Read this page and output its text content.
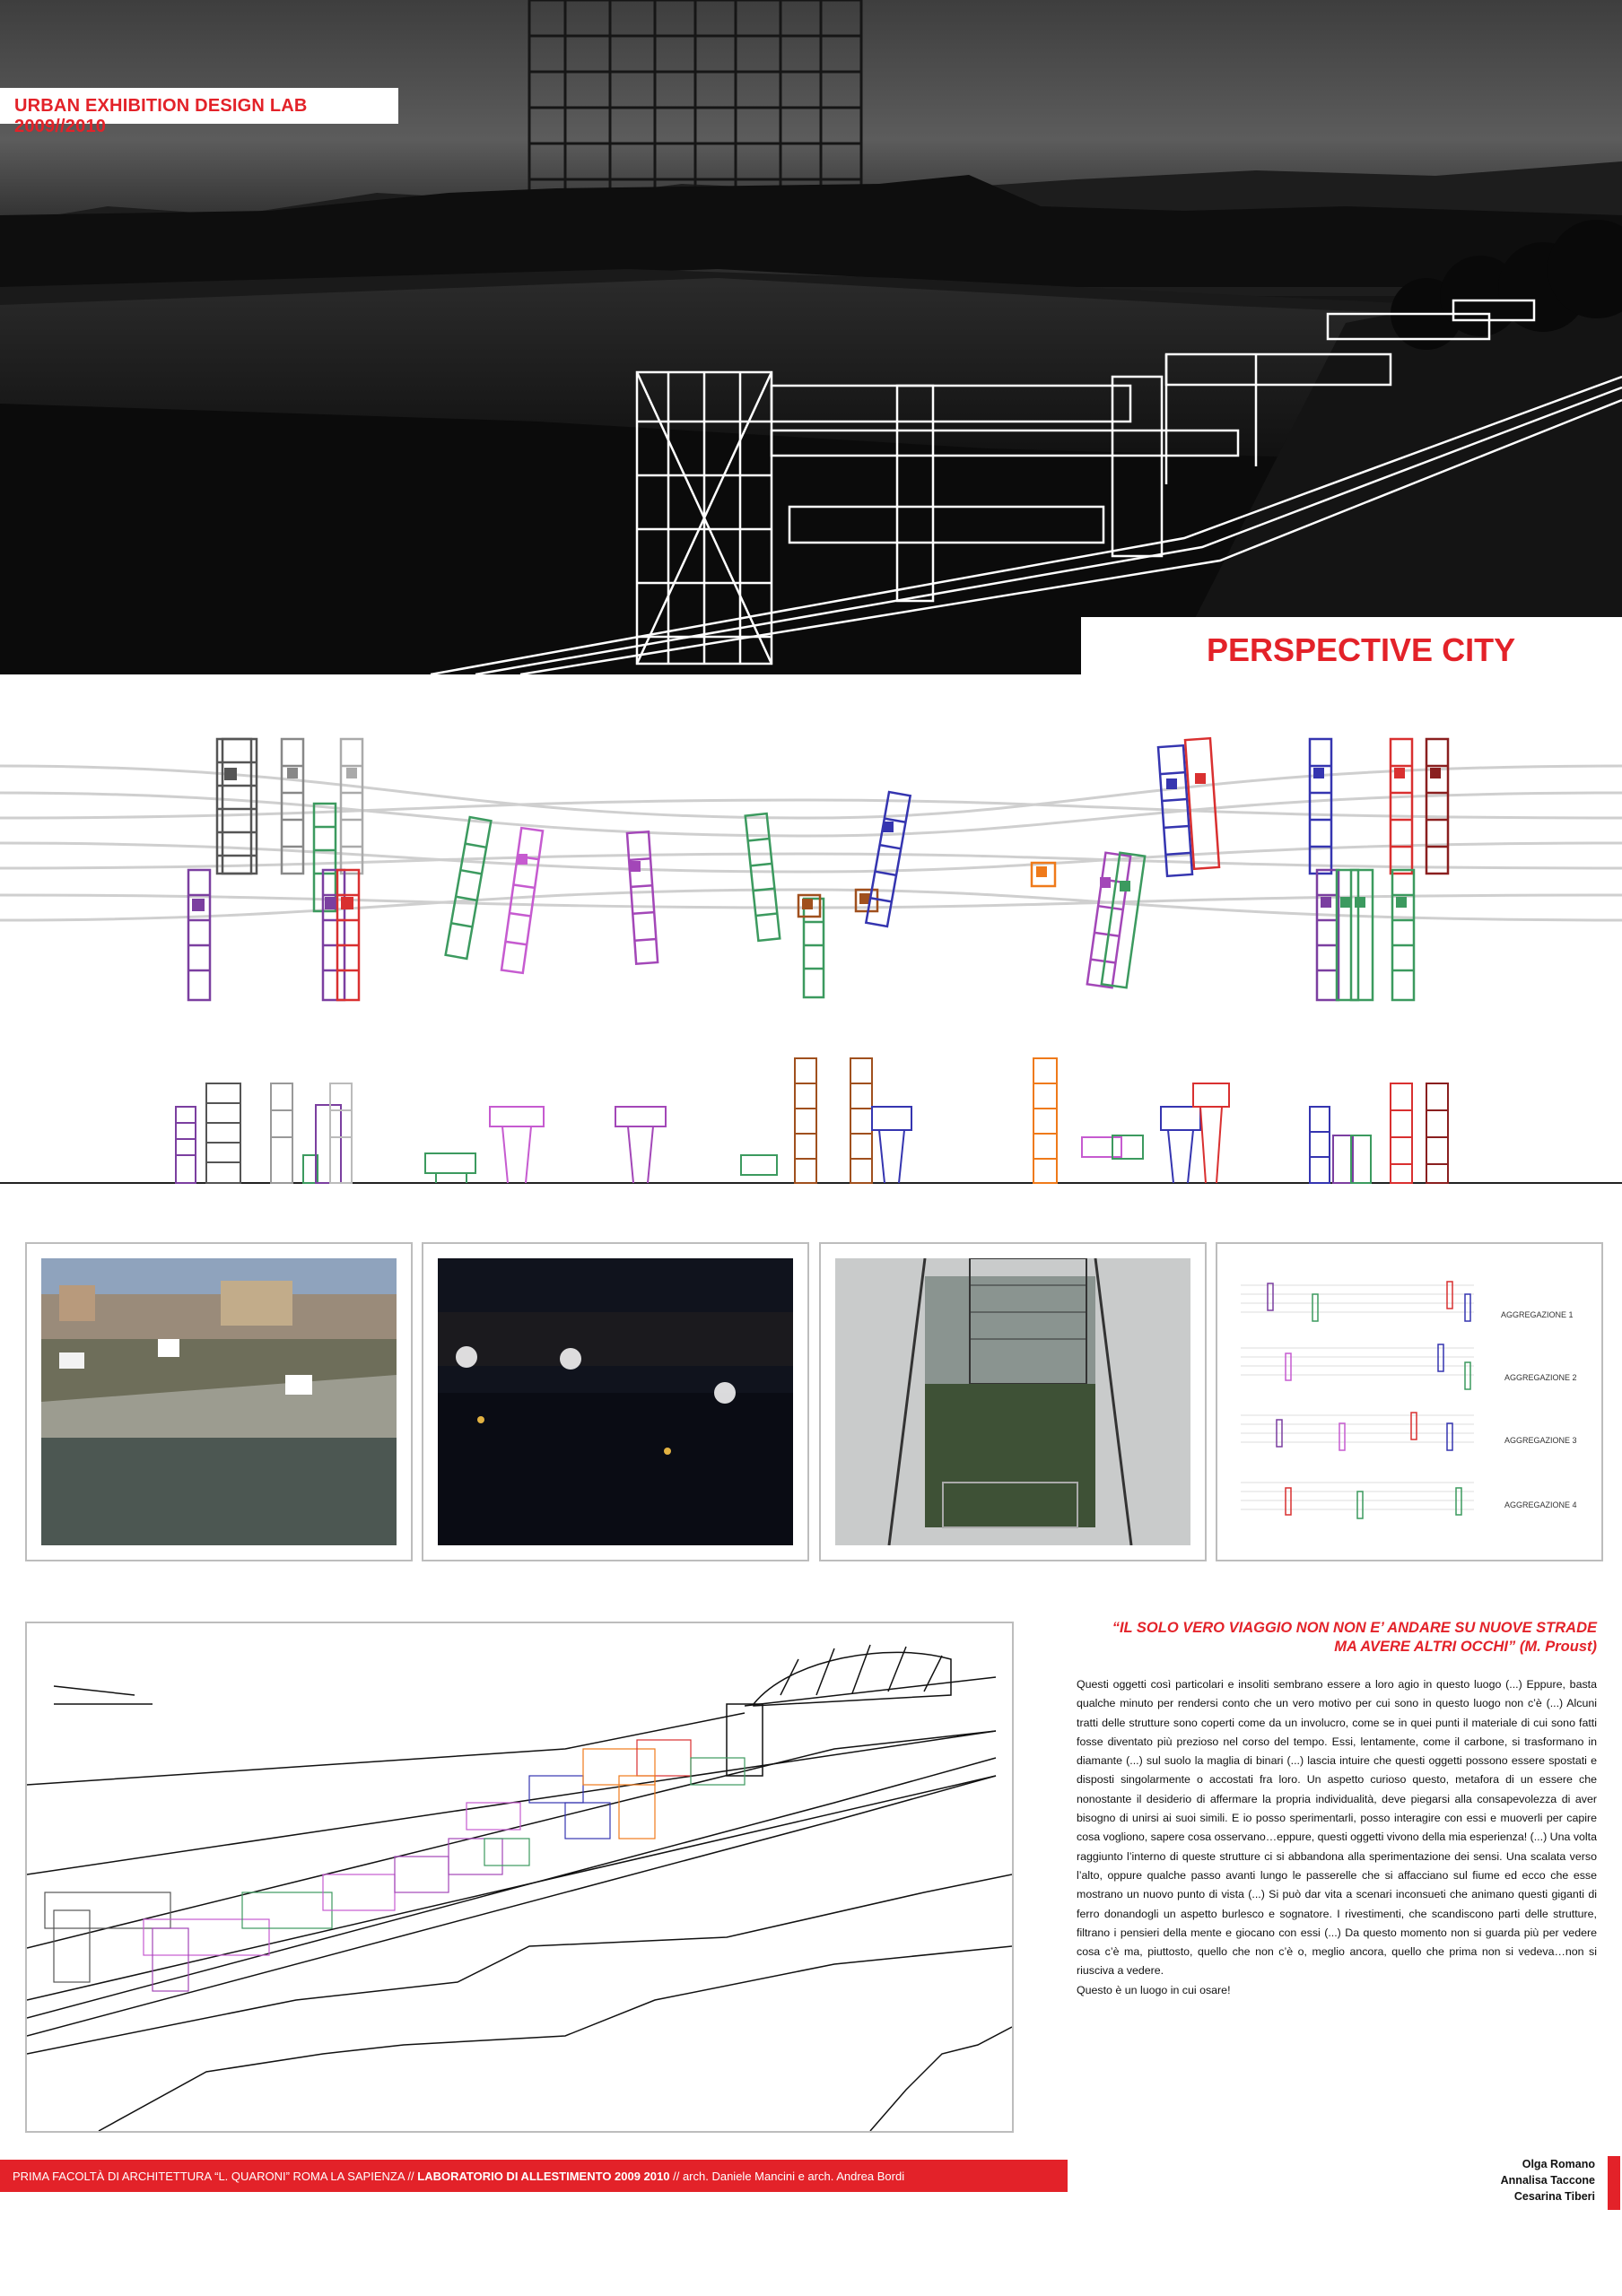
URBAN EXHIBITION DESIGN LAB 2009//2010
PERSPECTIVE CITY
AGGREGAZIONE 1
AGGREGAZIONE 2
AGGREGAZIONE 3
AGGREGAZIONE 4
“IL SOLO VERO VIAGGIO NON NON E’ ANDARE SU NUOVE STRADE
MA AVERE ALTRI OCCHI” (M. Proust)
Questi oggetti così particolari e insoliti sembrano essere a loro agio in questo luogo (...) Eppure, basta qualche minuto per rendersi conto che un vero motivo per cui sono in questo luogo non c’è (...) Alcuni tratti delle strutture sono coperti come da un involucro, come se in quei punti il materiale di cui sono fatti fosse diventato più prezioso nel corso del tempo. Essi, lentamente, come il carbone, si trasformano in diamante (...) sul suolo la maglia di binari (...) lascia intuire che questi oggetti possono essere spostati e disposti singolarmente o accostati fra loro. Un aspetto curioso questo, metafora di un essere che nonostante il desiderio di affermare la propria individualità, deve piegarsi alla consapevolezza di aver bisogno di unirsi ai suoi simili. E io posso sperimentarli, posso interagire con essi e muoverli per capire cosa vogliono, sapere cosa osservano…eppure, questi oggetti vivono della mia esperienza! (...) Una volta raggiunto l’interno di queste strutture ci si abbandona alla sperimentazione dei sensi. Una scalata verso l’alto, oppure qualche passo avanti lungo le passerelle che si affacciano sul fiume ed ecco che esse mostrano un nuovo punto di vista (...) Si può dar vita a scenari inconsueti che animano questi giganti di ferro donandogli un aspetto burlesco e sognatore. I rivestimenti, che scandiscono parti delle strutture, filtrano i pensieri della mente e giocano con essi (...) Da questo momento non si guarda più per vedere cosa c’è ma, piuttosto, quello che non c’è o, meglio ancora, quello che prima non si vedeva…non si riusciva a vedere.
Questo è un luogo in cui osare!
PRIMA FACOLTÀ DI ARCHITETTURA “L. QUARONI” ROMA LA SAPIENZA // LABORATORIO DI ALLESTIMENTO 2009 2010 // arch. Daniele Mancini e arch. Andrea Bordi
Olga Romano
Annalisa Taccone
Cesarina Tiberi
